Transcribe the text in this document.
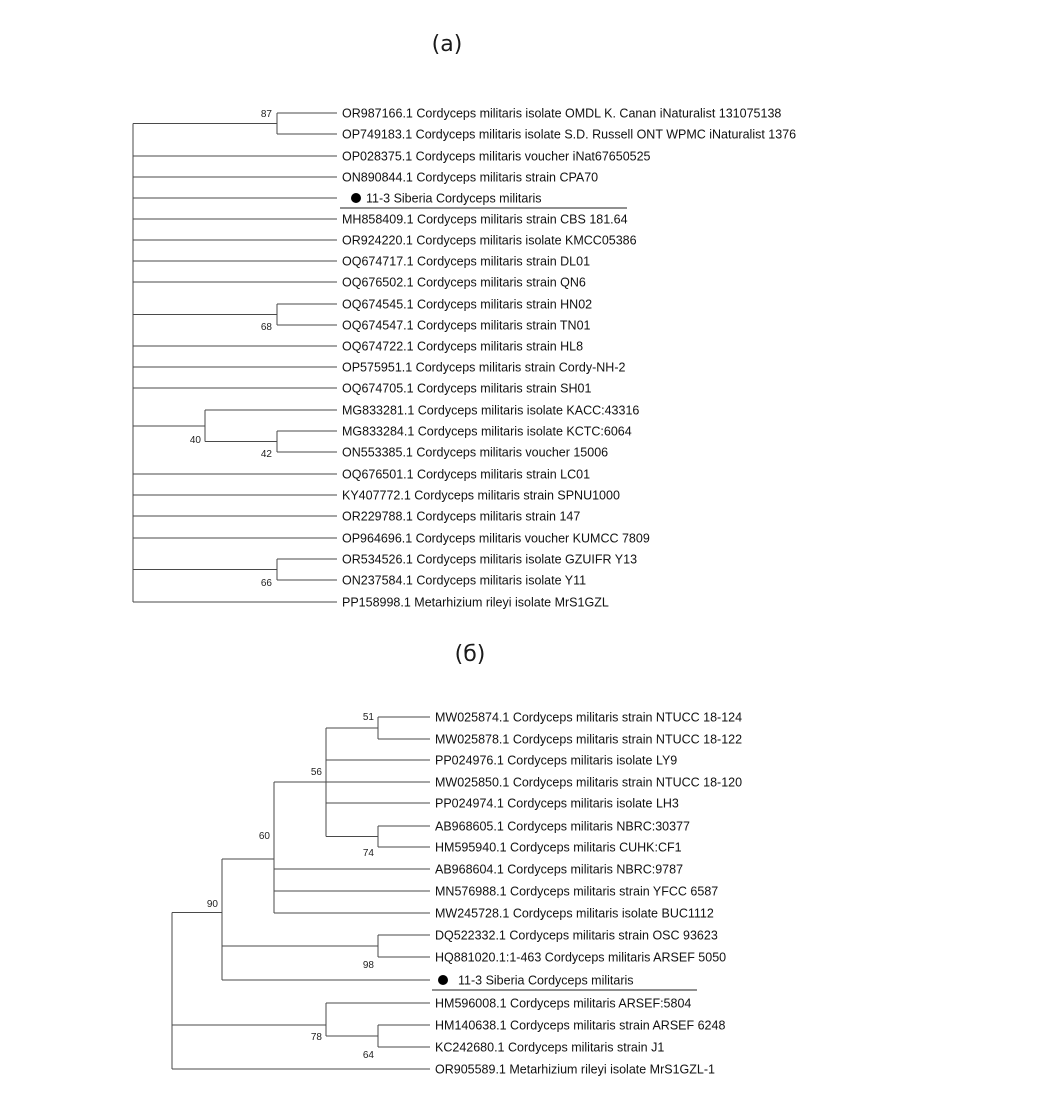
(a)
87
68
40
42
66
OR987166.1 Cordyceps militaris isolate OMDL K. Canan iNaturalist 131075138
OP749183.1 Cordyceps militaris isolate S.D. Russell ONT WPMC iNaturalist 1376
OP028375.1 Cordyceps militaris voucher iNat67650525
ON890844.1 Cordyceps militaris strain CPA70
11-3 Siberia Cordyceps militaris
MH858409.1 Cordyceps militaris strain CBS 181.64
OR924220.1 Cordyceps militaris isolate KMCC05386
OQ674717.1 Cordyceps militaris strain DL01
OQ676502.1 Cordyceps militaris strain QN6
OQ674545.1 Cordyceps militaris strain HN02
OQ674547.1 Cordyceps militaris strain TN01
OQ674722.1 Cordyceps militaris strain HL8
OP575951.1 Cordyceps militaris strain Cordy-NH-2
OQ674705.1 Cordyceps militaris strain SH01
MG833281.1 Cordyceps militaris isolate KACC:43316
MG833284.1 Cordyceps militaris isolate KCTC:6064
ON553385.1 Cordyceps militaris voucher 15006
OQ676501.1 Cordyceps militaris strain LC01
KY407772.1 Cordyceps militaris strain SPNU1000
OR229788.1 Cordyceps militaris strain 147
OP964696.1 Cordyceps militaris voucher KUMCC 7809
OR534526.1 Cordyceps militaris isolate GZUIFR Y13
ON237584.1 Cordyceps militaris isolate Y11
PP158998.1 Metarhizium rileyi isolate MrS1GZL
(б)
90
98
60
56
51
74
78
64
MW025874.1 Cordyceps militaris strain NTUCC 18-124
MW025878.1 Cordyceps militaris strain NTUCC 18-122
PP024976.1 Cordyceps militaris isolate LY9
MW025850.1 Cordyceps militaris strain NTUCC 18-120
PP024974.1 Cordyceps militaris isolate LH3
AB968605.1 Cordyceps militaris NBRC:30377
HM595940.1 Cordyceps militaris CUHK:CF1
AB968604.1 Cordyceps militaris NBRC:9787
MN576988.1 Cordyceps militaris strain YFCC 6587
MW245728.1 Cordyceps militaris isolate BUC1112
DQ522332.1 Cordyceps militaris strain OSC 93623
HQ881020.1:1-463 Cordyceps militaris ARSEF 5050
11-3 Siberia Cordyceps militaris
HM596008.1 Cordyceps militaris ARSEF:5804
HM140638.1 Cordyceps militaris strain ARSEF 6248
KC242680.1 Cordyceps militaris strain J1
OR905589.1 Metarhizium rileyi isolate MrS1GZL-1
